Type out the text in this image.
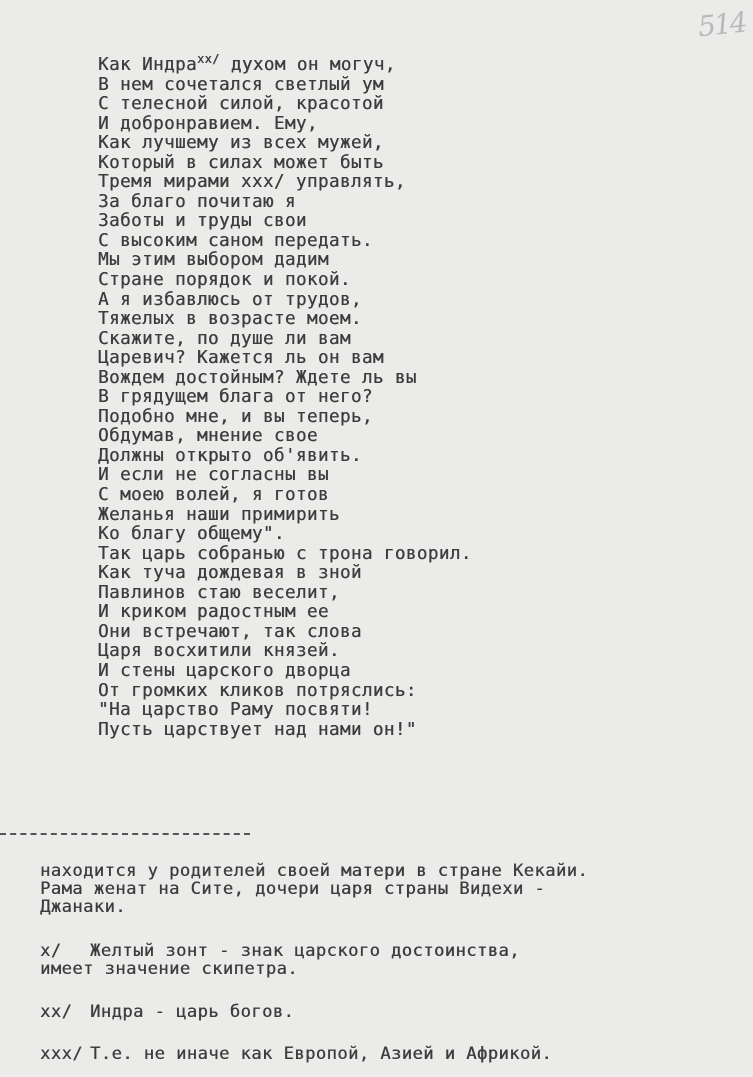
514
Как Индра$^{xx/}$ духом он могуч,
В нем сочетался светлый ум
С телесной силой, красотой
И добронравием. Ему,
Как лучшему из всех мужей,
Который в силах может быть
Тремя мирами xxx/ управлять,
За благо почитаю я
Заботы и труды свои
С высоким саном передать.
Мы этим выбором дадим
Стране порядок и покой.
А я избавлюсь от трудов,
Тяжелых в возрасте моем.
Скажите, по душе ли вам
Царевич? Кажется ль он вам
Вождем достойным? Ждете ль вы
В грядущем блага от него?
Подобно мне, и вы теперь,
Обдумав, мнение свое
Должны открыто об'явить.
И если не согласны вы
С моею волей, я готов
Желанья наши примирить
Ко благу общему".
Так царь собранью с трона говорил.
Как туча дождевая в зной
Павлинов стаю веселит,
И криком радостным ее
Они встречают, так слова
Царя восхитили князей.
И стены царского дворца
От громких кликов потряслись:
"На царство Раму посвяти!
Пусть царствует над нами он!"
находится у родителей своей матери в стране Кекайи.
Рама женат на Сите, дочери царя страны Видехи -
Джанаки.
x/ Желтый зонт - знак царского достоинства,
имеет значение скипетра.
xx/ Индра - царь богов.
xxx/ Т.е. не иначе как Европой, Азией и Африкой.
